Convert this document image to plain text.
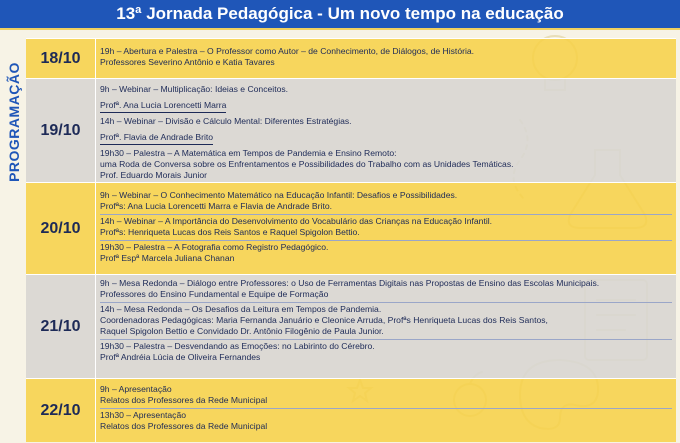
13ª Jornada Pedagógica - Um novo tempo na educação
PROGRAMAÇÃO
18/10	19h – Abertura e Palestra – O Professor como Autor – de Conhecimento, de Diálogos, de História.
Professores Severino Antônio e Katia Tavares
19/10
9h – Webinar – Multiplicação: Ideias e Conceitos.
Profª. Ana Lucia Lorencetti Marra
14h – Webinar – Divisão e Cálculo Mental: Diferentes Estratégias.
Profª. Flavia de Andrade Brito
19h30 – Palestra – A Matemática em Tempos de Pandemia e Ensino Remoto:
uma Roda de Conversa sobre os Enfrentamentos e Possibilidades do Trabalho com as Unidades Temáticas.
Prof. Eduardo Morais Junior
20/10
9h – Webinar – O Conhecimento Matemático na Educação Infantil: Desafios e Possibilidades.
Profªs: Ana Lucia Lorencetti Marra e Flavia de Andrade Brito.
14h – Webinar – A Importância do Desenvolvimento do Vocabulário das Crianças na Educação Infantil.
Profªs: Henriqueta Lucas dos Reis Santos e Raquel Spigolon Bettio.
19h30 – Palestra – A Fotografia como Registro Pedagógico.
Profª Espª Marcela Juliana Chanan
21/10
9h – Mesa Redonda – Diálogo entre Professores: o Uso de Ferramentas Digitais nas Propostas de Ensino das Escolas Municipais.
Professores do Ensino Fundamental e Equipe de Formação
14h – Mesa Redonda – Os Desafios da Leitura em Tempos de Pandemia.
Coordenadoras Pedagógicas: Maria Fernanda Januário e Cleonice Arruda, Profªs Henriqueta Lucas dos Reis Santos,
Raquel Spigolon Bettio e Convidado Dr. Antônio Filogênio de Paula Junior.
19h30 – Palestra – Desvendando as Emoções: no Labirinto do Cérebro.
Profª Andréia Lúcia de Oliveira Fernandes
22/10
9h – Apresentação
Relatos dos Professores da Rede Municipal
13h30 – Apresentação
Relatos dos Professores da Rede Municipal
